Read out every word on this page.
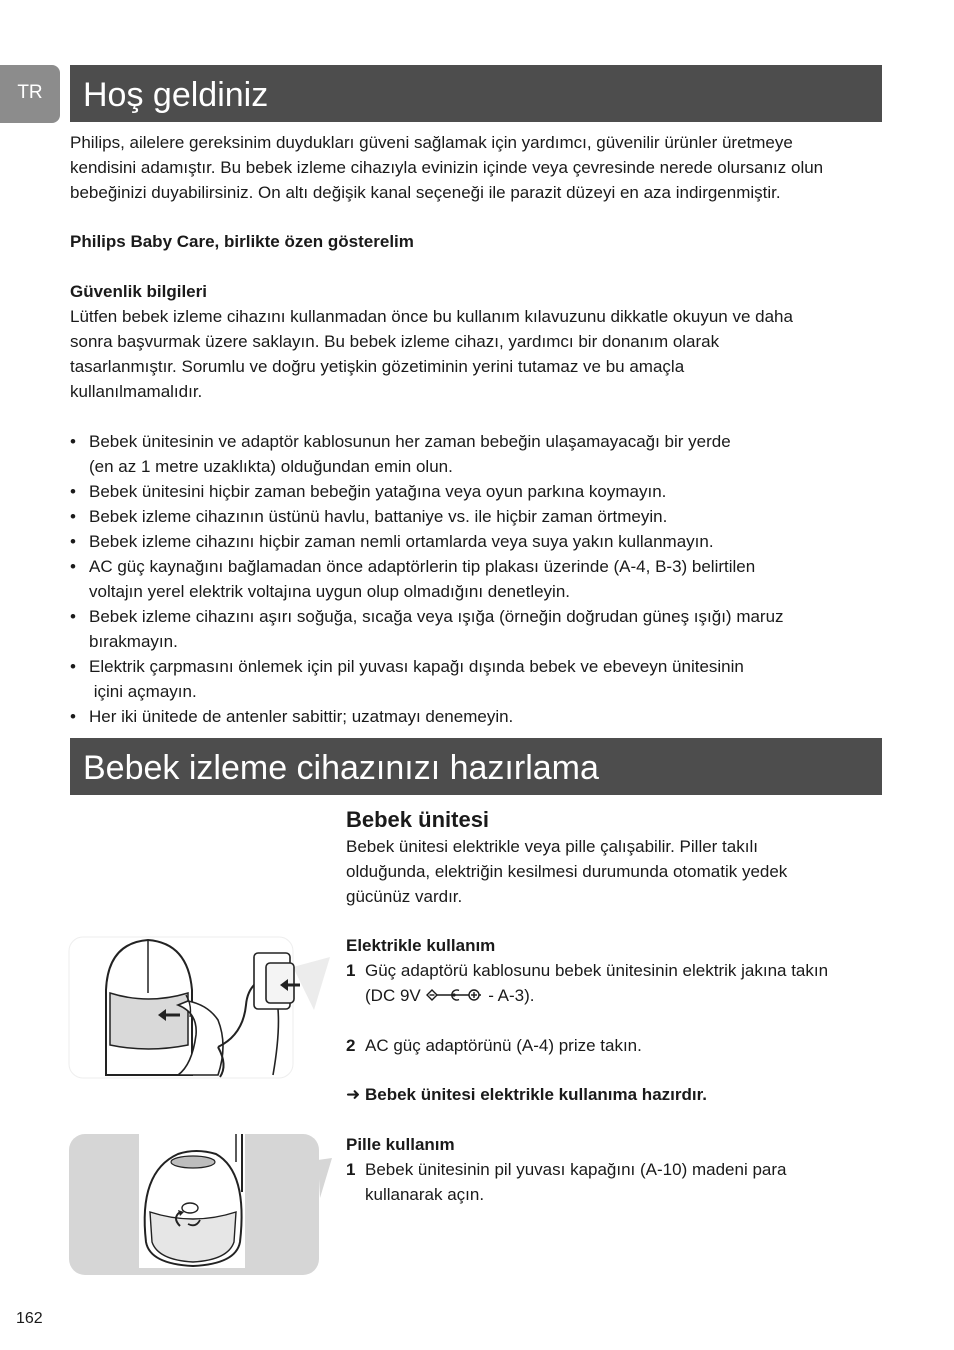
TR	Hoş geldiniz

Philips, ailelere gereksinim duydukları güveni sağlamak için yardımcı, güvenilir ürünler üretmeye

kendisini adamıştır. Bu bebek izleme cihazıyla evinizin içinde veya çevresinde nerede olursanız olun

bebeğinizi duyabilirsiniz. On altı değişik kanal seçeneği ile parazit düzeyi en aza indirgenmiştir.

Philips Baby Care, birlikte özen gösterelim
Güvenlik bilgileri

Lütfen bebek izleme cihazını kullanmadan önce bu kullanım kılavuzunu dikkatle okuyun ve daha

sonra başvurmak üzere saklayın. Bu bebek izleme cihazı, yardımcı bir donanım olarak

tasarlanmıştır. Sorumlu ve doğru yetişkin gözetiminin yerini tutamaz ve bu amaçla

kullanılmamalıdır.

• Bebek ünitesinin ve adaptör kablosunun her zaman bebeğin ulaşamayacağı bir yerde
(en az 1 metre uzaklıkta) olduğundan emin olun.
• Bebek ünitesini hiçbir zaman bebeğin yatağına veya oyun parkına koymayın.
• Bebek izleme cihazının üstünü havlu, battaniye vs. ile hiçbir zaman örtmeyin.
• Bebek izleme cihazını hiçbir zaman nemli ortamlarda veya suya yakın kullanmayın.
• AC güç kaynağını bağlamadan önce adaptörlerin tip plakası üzerinde (A-4, B-3) belirtilen
voltajın yerel elektrik voltajına uygun olup olmadığını denetleyin.
• Bebek izleme cihazını aşırı soğuğa, sıcağa veya ışığa (örneğin doğrudan güneş ışığı) maruz
bırakmayın.
• Elektrik çarpmasını önlemek için pil yuvası kapağı dışında bebek ve ebeveyn ünitesinin
içini açmayın.
• Her iki ünitede de antenler sabittir; uzatmayı denemeyin.
Bebek izleme cihazınızı hazırlama
Bebek ünitesi
Bebek ünitesi elektrikle veya pille çalışabilir. Piller takılı
olduğunda, elektriğin kesilmesi durumunda otomatik yedek
gücünüz vardır.
Elektrikle kullanım
1 Güç adaptörü kablosunu bebek ünitesinin elektrik jakına takın
(DC 9V	- A-3).
2 AC güç adaptörünü (A-4) prize takın.
➜ Bebek ünitesi elektrikle kullanıma hazırdır.
Pille kullanım
1 Bebek ünitesinin pil yuvası kapağını (A-10) madeni para
kullanarak açın.
162
